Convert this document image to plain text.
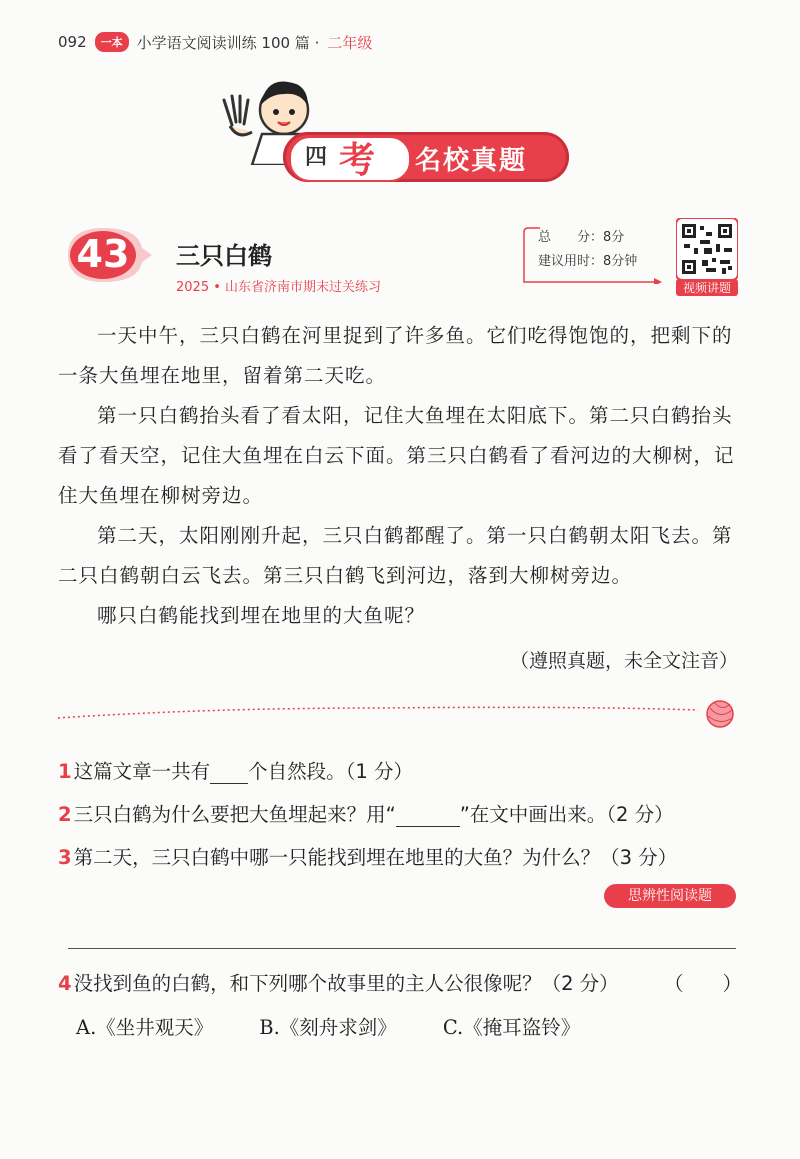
092	一本 小学语文阅读训练 100 篇 · 二年级
四 考 名校真题
43 三只白鹤
2025 • 山东省济南市期末过关练习
总　　分：8分
建议用时：8分钟
视频讲题

一天中午，三只白鹤在河里捉到了许多鱼。它们吃得饱饱的，把剩下的一条大鱼埋在地里，留着第二天吃。

第一只白鹤抬头看了看太阳，记住大鱼埋在太阳底下。第二只白鹤抬头看了看天空，记住大鱼埋在白云下面。第三只白鹤看了看河边的大柳树，记住大鱼埋在柳树旁边。

第二天，太阳刚刚升起，三只白鹤都醒了。第一只白鹤朝太阳飞去。第二只白鹤朝白云飞去。第三只白鹤飞到河边，落到大柳树旁边。

哪只白鹤能找到埋在地里的大鱼呢？

（遵照真题，未全文注音）
1 这篇文章一共有 个自然段。（1 分）
2 三只白鹤为什么要把大鱼埋起来？用“	”在文中画出来。（2 分）
3 第二天，三只白鹤中哪一只能找到埋在地里的大鱼？为什么？（3 分）
思辨性阅读题
4 没找到鱼的白鹤，和下列哪个故事里的主人公很像呢？（2 分） （　　）
A.《坐井观天》 B.《刻舟求剑》 C.《掩耳盗铃》
